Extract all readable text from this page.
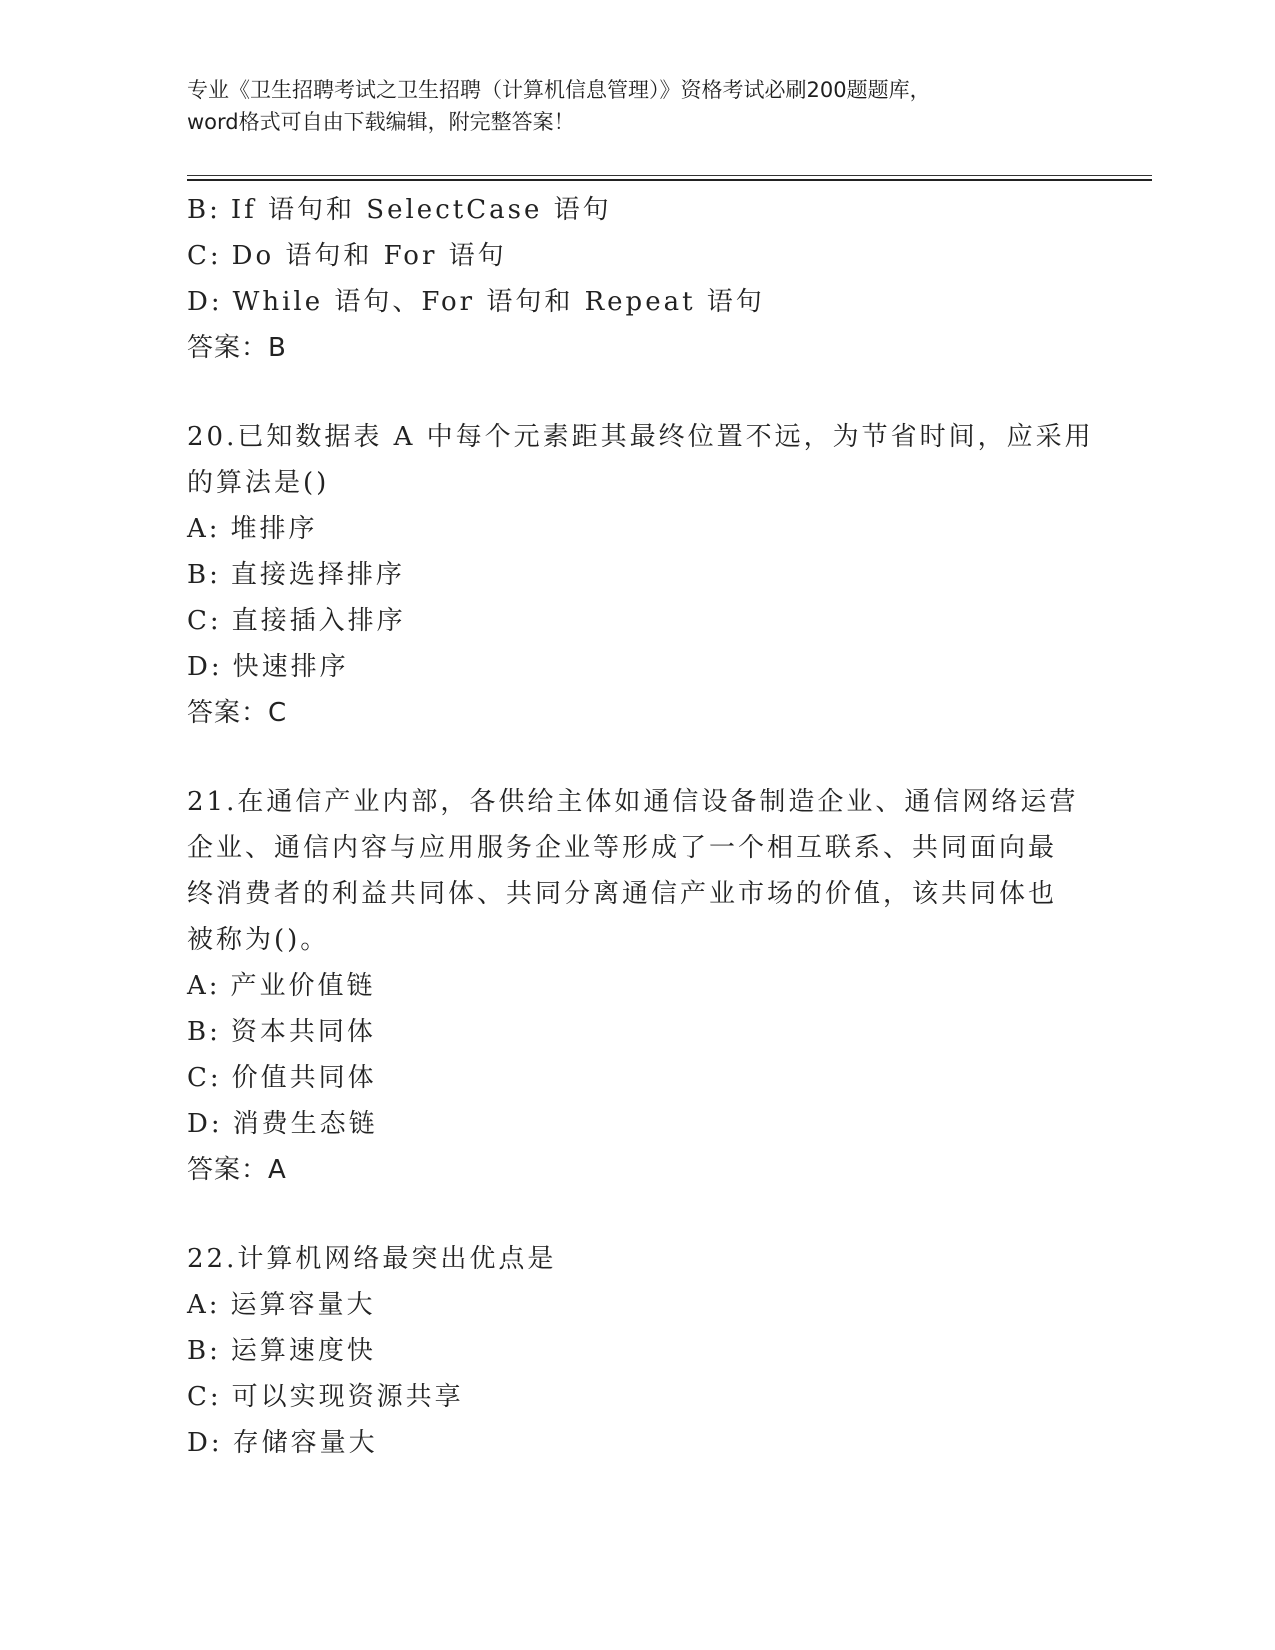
专业《卫生招聘考试之卫生招聘（计算机信息管理）》资格考试必刷200题题库，
word格式可自由下载编辑，附完整答案！
B: If 语句和 SelectCase 语句
C: Do 语句和 For 语句
D: While 语句、For 语句和 Repeat 语句
答案：B
20.已知数据表 A 中每个元素距其最终位置不远，为节省时间，应采用
的算法是()
A: 堆排序
B: 直接选择排序
C: 直接插入排序
D: 快速排序
答案：C
21.在通信产业内部，各供给主体如通信设备制造企业、通信网络运营
企业、通信内容与应用服务企业等形成了一个相互联系、共同面向最
终消费者的利益共同体、共同分离通信产业市场的价值，该共同体也
被称为()。
A: 产业价值链
B: 资本共同体
C: 价值共同体
D: 消费生态链
答案：A
22.计算机网络最突出优点是
A: 运算容量大
B: 运算速度快
C: 可以实现资源共享
D: 存储容量大
